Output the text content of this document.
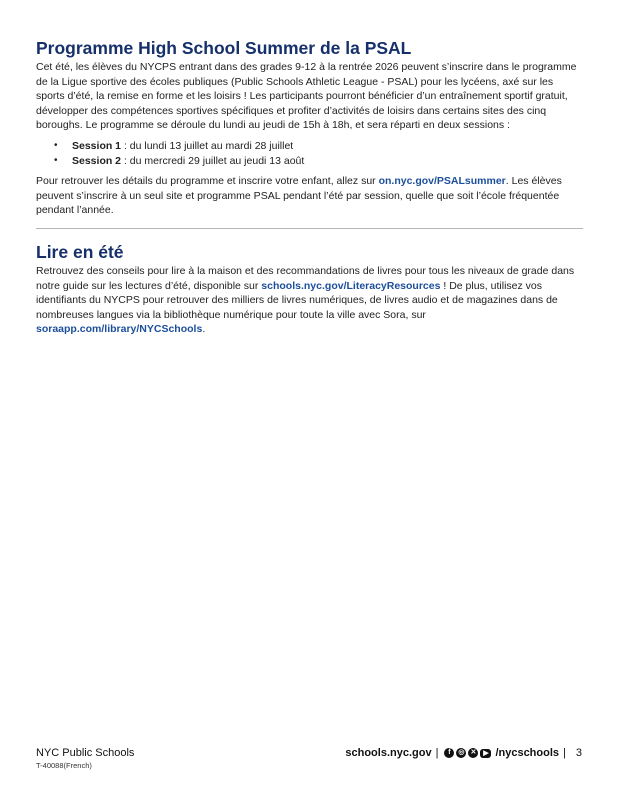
Programme High School Summer de la PSAL

Cet été, les élèves du NYCPS entrant dans des grades 9-12 à la rentrée 2026 peuvent s’inscrire dans le programme de la Ligue sportive des écoles publiques (Public Schools Athletic League - PSAL) pour les lycéens, axé sur les sports d’été, la remise en forme et les loisirs ! Les participants pourront bénéficier d’un entraînement sportif gratuit, développer des compétences sportives spécifiques et profiter d’activités de loisirs dans certains sites des cinq boroughs. Le programme se déroule du lundi au jeudi de 15h à 18h, et sera réparti en deux sessions :

• Session 1 : du lundi 13 juillet au mardi 28 juillet
• Session 2 : du mercredi 29 juillet au jeudi 13 août

Pour retrouver les détails du programme et inscrire votre enfant, allez sur on.nyc.gov/PSALsummer. Les élèves peuvent s’inscrire à un seul site et programme PSAL pendant l’été par session, quelle que soit l’école fréquentée pendant l’année.

Lire en été

Retrouvez des conseils pour lire à la maison et des recommandations de livres pour tous les niveaux de grade dans notre guide sur les lectures d’été, disponible sur schools.nyc.gov/LiteracyResources ! De plus, utilisez vos identifiants du NYCPS pour retrouver des milliers de livres numériques, de livres audio et de magazines dans de nombreuses langues via la bibliothèque numérique pour toute la ville avec Sora, sur soraapp.com/library/NYCSchools.

NYC Public Schools
T-40088(French)
schools.nyc.gov |	f	◎ ✕ ▶ /nycschools | 3
